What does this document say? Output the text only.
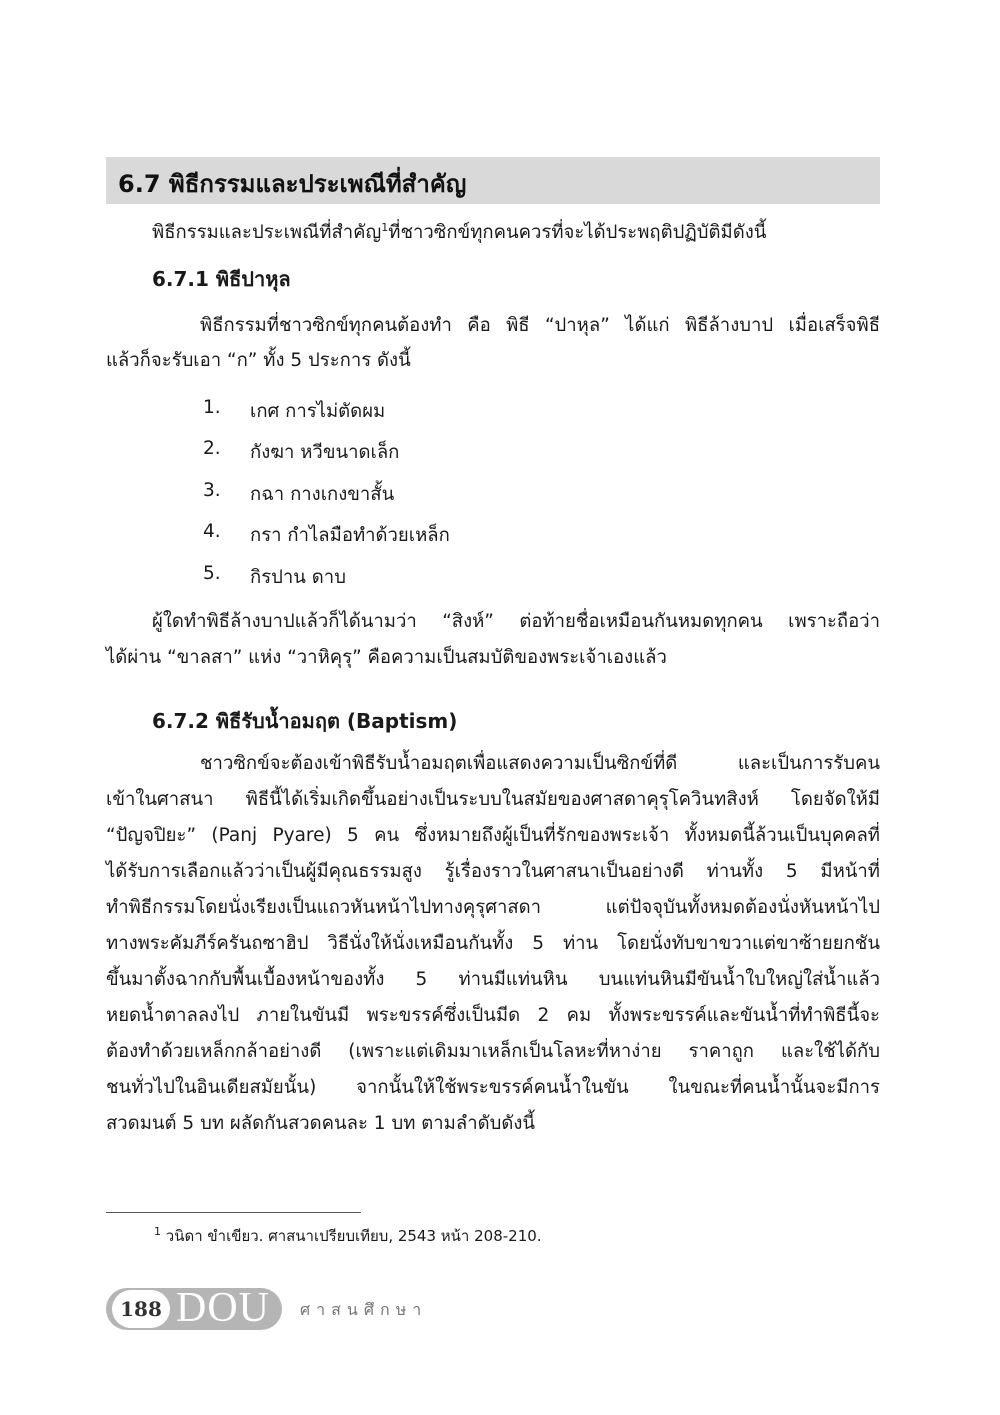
6.7 พิธีกรรมและประเพณีที่สำคัญ
พิธีกรรมและประเพณีที่สำคัญ$^1$ที่ชาวซิกข์ทุกคนควรที่จะได้ประพฤติปฏิบัติมีดังนี้
6.7.1 พิธีปาหุล
พิธีกรรมที่ชาวซิกข์ทุกคนต้องทำ คือ พิธี “ปาหุล” ได้แก่ พิธีล้างบาป เมื่อเสร็จพิธี
แล้วก็จะรับเอา “ก” ทั้ง 5 ประการ ดังนี้
1. เกศ การไม่ตัดผม
2. กังฆา หวีขนาดเล็ก
3. กฉา กางเกงขาสั้น
4. กรา กำไลมือทำด้วยเหล็ก
5. กิรปาน ดาบ
ผู้ใดทำพิธีล้างบาปแล้วก็ได้นามว่า “สิงห์” ต่อท้ายชื่อเหมือนกันหมดทุกคน เพราะถือว่า
ได้ผ่าน “ขาลสา” แห่ง “วาหิคุรุ” คือความเป็นสมบัติของพระเจ้าเองแล้ว
6.7.2 พิธีรับน้ำอมฤต (Baptism)
ชาวซิกข์จะต้องเข้าพิธีรับน้ำอมฤตเพื่อแสดงความเป็นซิกข์ที่ดี และเป็นการรับคน
เข้าในศาสนา พิธีนี้ได้เริ่มเกิดขึ้นอย่างเป็นระบบในสมัยของศาสดาคุรุโควินทสิงห์ โดยจัดให้มี
“ปัญจปิยะ” (Panj Pyare) 5 คน ซึ่งหมายถึงผู้เป็นที่รักของพระเจ้า ทั้งหมดนี้ล้วนเป็นบุคคลที่
ได้รับการเลือกแล้วว่าเป็นผู้มีคุณธรรมสูง รู้เรื่องราวในศาสนาเป็นอย่างดี ท่านทั้ง 5 มีหน้าที่
ทำพิธีกรรมโดยนั่งเรียงเป็นแถวหันหน้าไปทางคุรุศาสดา แต่ปัจจุบันทั้งหมดต้องนั่งหันหน้าไป
ทางพระคัมภีร์ครันถซาฮิป วิธีนั่งให้นั่งเหมือนกันทั้ง 5 ท่าน โดยนั่งทับขาขวาแต่ขาซ้ายยกชัน
ขึ้นมาตั้งฉากกับพื้นเบื้องหน้าของทั้ง 5 ท่านมีแท่นหิน บนแท่นหินมีขันน้ำใบใหญ่ใส่น้ำแล้ว
หยดน้ำตาลลงไป ภายในขันมี พระขรรค์ซึ่งเป็นมีด 2 คม ทั้งพระขรรค์และขันน้ำที่ทำพิธีนี้จะ
ต้องทำด้วยเหล็กกล้าอย่างดี (เพราะแต่เดิมมาเหล็กเป็นโลหะที่หาง่าย ราคาถูก และใช้ได้กับ
ชนทั่วไปในอินเดียสมัยนั้น) จากนั้นให้ใช้พระขรรค์คนน้ำในขัน ในขณะที่คนน้ำนั้นจะมีการ
สวดมนต์ 5 บท ผลัดกันสวดคนละ 1 บท ตามลำดับดังนี้
$^1$ วนิดา ขำเขียว. ศาสนาเปรียบเทียบ, 2543 หน้า 208-210.
188 DOU ศาสนศึกษา
